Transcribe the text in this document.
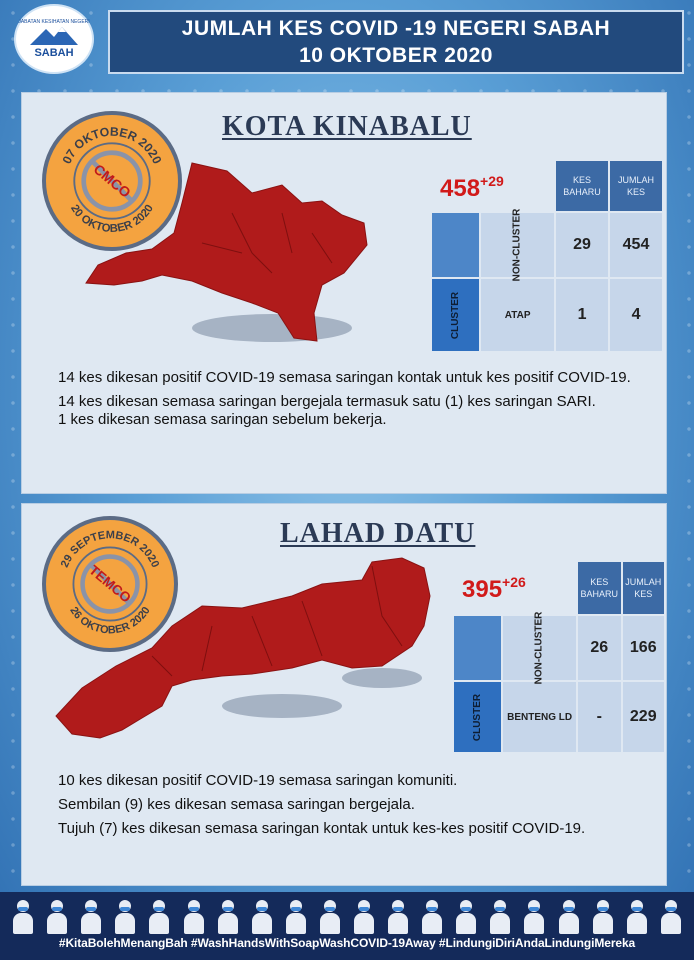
JABATAN KESIHATAN NEGERI
SABAH
JUMLAH KES COVID -19 NEGERI SABAH
10 OKTOBER 2020
KOTA KINABALU
07 OKTOBER 2020
20 OKTOBER 2020
CMCO	$458^{+29}$
			KES BAHARU	JUMLAH KES
	NON-CLUSTER	29	454
CLUSTER	ATAP	1	4

14 kes dikesan positif COVID-19 semasa saringan kontak untuk kes positif COVID-19.

14 kes dikesan semasa saringan bergejala termasuk satu (1) kes saringan SARI.

1 kes dikesan semasa saringan sebelum bekerja.

LAHAD DATU
29 SEPTEMBER 2020
26 OKTOBER 2020
TEMCO	$395^{+26}$
			KES BAHARU	JUMLAH KES
	NON-CLUSTER	26	166
CLUSTER	BENTENG LD	-	229

10 kes dikesan positif COVID-19 semasa saringan komuniti.

Sembilan (9) kes dikesan semasa saringan bergejala.

Tujuh (7) kes dikesan semasa saringan kontak untuk kes-kes positif COVID-19.

#KitaBolehMenangBah #WashHandsWithSoapWashCOVID-19Away #LindungiDiriAndaLindungiMereka
